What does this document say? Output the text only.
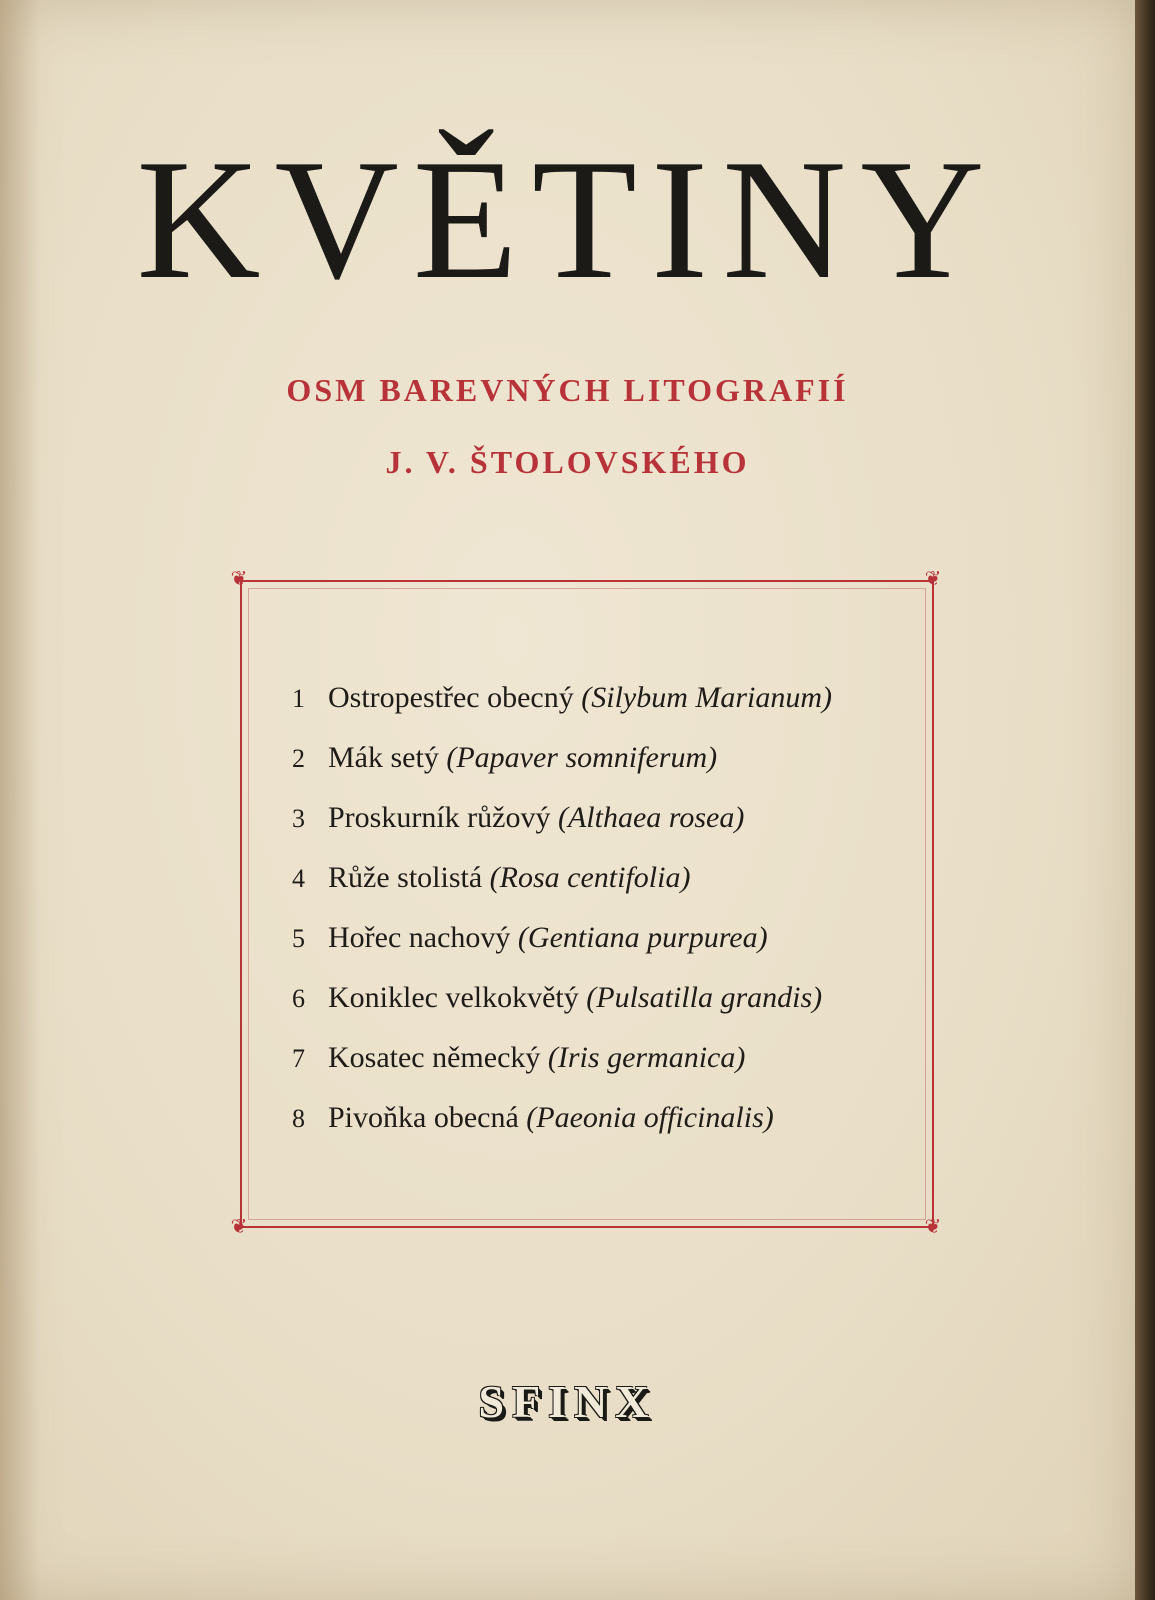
KVĚTINY
OSM BAREVNÝCH LITOGRAFIÍ
J. V. ŠTOLOVSKÉHO
❦	❦
❦	❦
1 Ostropestřec obecný (Silybum Marianum)
2 Mák setý (Papaver somniferum)
3 Proskurník růžový (Althaea rosea)
4 Růže stolistá (Rosa centifolia)
5 Hořec nachový (Gentiana purpurea)
6 Koniklec velkokvětý (Pulsatilla grandis)
7 Kosatec německý (Iris germanica)
8 Pivoňka obecná (Paeonia officinalis)
SFINX
